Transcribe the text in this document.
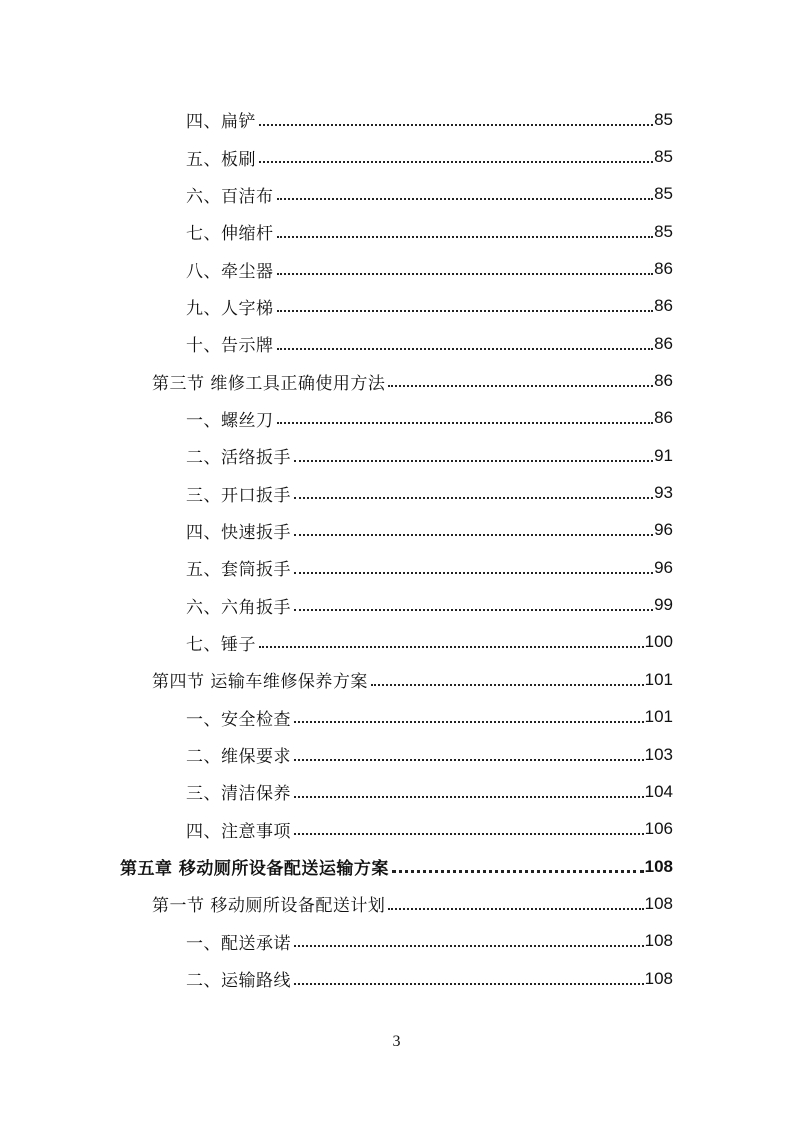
四、扁铲	85
五、板刷	85
六、百洁布	85
七、伸缩杆	85
八、牵尘器	86
九、人字梯	86
十、告示牌	86
第三节 维修工具正确使用方法	86
一、螺丝刀	86
二、活络扳手	91
三、开口扳手	93
四、快速扳手	96
五、套筒扳手	96
六、六角扳手	99
七、锤子	100
第四节 运输车维修保养方案	101
一、安全检查	101
二、维保要求	103
三、清洁保养	104
四、注意事项	106
第五章 移动厕所设备配送运输方案	108
第一节 移动厕所设备配送计划	108
一、配送承诺	108
二、运输路线	108
3
